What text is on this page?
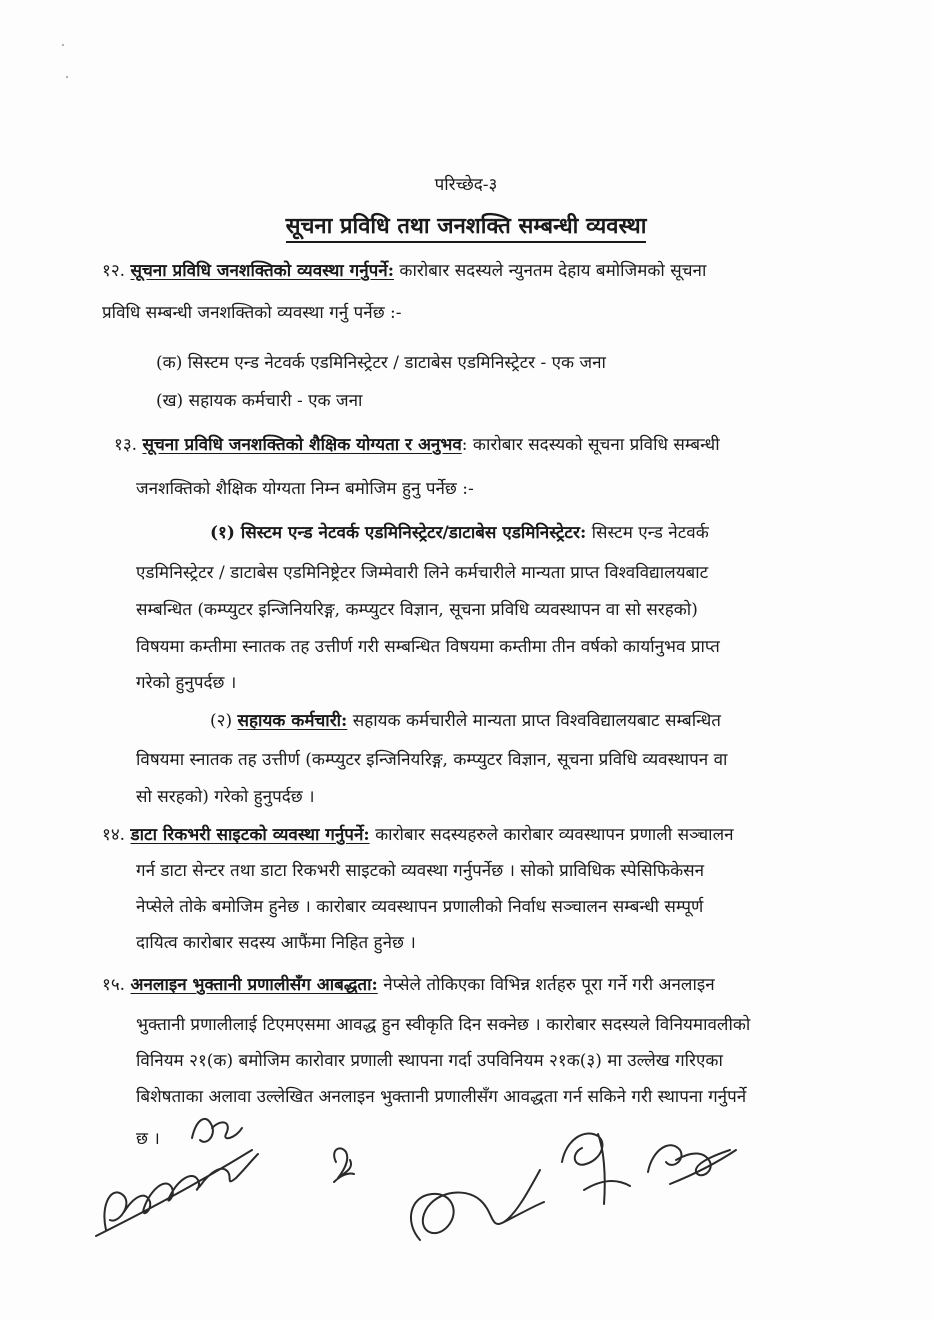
परिच्छेद-३
सूचना प्रविधि तथा जनशक्ति सम्बन्धी व्यवस्था
१२. सूचना प्रविधि जनशक्तिको व्यवस्था गर्नुपर्ने: कारोबार सदस्यले न्युनतम देहाय बमोजिमको सूचना
प्रविधि सम्बन्धी जनशक्तिको व्यवस्था गर्नु पर्नेछ :-
(क) सिस्टम एन्ड नेटवर्क एडमिनिस्ट्रेटर / डाटाबेस एडमिनिस्ट्रेटर - एक जना
(ख) सहायक कर्मचारी - एक जना
१३. सूचना प्रविधि जनशक्तिको शैक्षिक योग्यता र अनुभव: कारोबार सदस्यको सूचना प्रविधि सम्बन्धी
जनशक्तिको शैक्षिक योग्यता निम्न बमोजिम हुनु पर्नेछ :-
(१) सिस्टम एन्ड नेटवर्क एडमिनिस्ट्रेटर/डाटाबेस एडमिनिस्ट्रेटर: सिस्टम एन्ड नेटवर्क
एडमिनिस्ट्रेटर / डाटाबेस एडमिनिष्ट्रेटर जिम्मेवारी लिने कर्मचारीले मान्यता प्राप्त विश्वविद्यालयबाट
सम्बन्धित (कम्प्युटर इन्जिनियरिङ्ग, कम्प्युटर विज्ञान, सूचना प्रविधि व्यवस्थापन वा सो सरहको)
विषयमा कम्तीमा स्नातक तह उत्तीर्ण गरी सम्बन्धित विषयमा कम्तीमा तीन वर्षको कार्यानुभव प्राप्त
गरेको हुनुपर्दछ ।
(२) सहायक कर्मचारी: सहायक कर्मचारीले मान्यता प्राप्त विश्वविद्यालयबाट सम्बन्धित
विषयमा स्नातक तह उत्तीर्ण (कम्प्युटर इन्जिनियरिङ्ग, कम्प्युटर विज्ञान, सूचना प्रविधि व्यवस्थापन वा
सो सरहको) गरेको हुनुपर्दछ ।
१४. डाटा रिकभरी साइटको व्यवस्था गर्नुपर्ने: कारोबार सदस्यहरुले कारोबार व्यवस्थापन प्रणाली सञ्चालन
गर्न डाटा सेन्टर तथा डाटा रिकभरी साइटको व्यवस्था गर्नुपर्नेछ । सोको प्राविधिक स्पेसिफिकेसन
नेप्सेले तोके बमोजिम हुनेछ । कारोबार व्यवस्थापन प्रणालीको निर्वाध सञ्चालन सम्बन्धी सम्पूर्ण
दायित्व कारोबार सदस्य आफैंमा निहित हुनेछ ।
१५. अनलाइन भुक्तानी प्रणालीसँग आबद्धता: नेप्सेले तोकिएका विभिन्न शर्तहरु पूरा गर्ने गरी अनलाइन
भुक्तानी प्रणालीलाई टिएमएसमा आवद्ध हुन स्वीकृति दिन सक्नेछ । कारोबार सदस्यले विनियमावलीको
विनियम २१(क) बमोजिम कारोवार प्रणाली स्थापना गर्दा उपविनियम २१क(३) मा उल्लेख गरिएका
बिशेषताका अलावा उल्लेखित अनलाइन भुक्तानी प्रणालीसँग आवद्धता गर्न सकिने गरी स्थापना गर्नुपर्ने
छ ।
